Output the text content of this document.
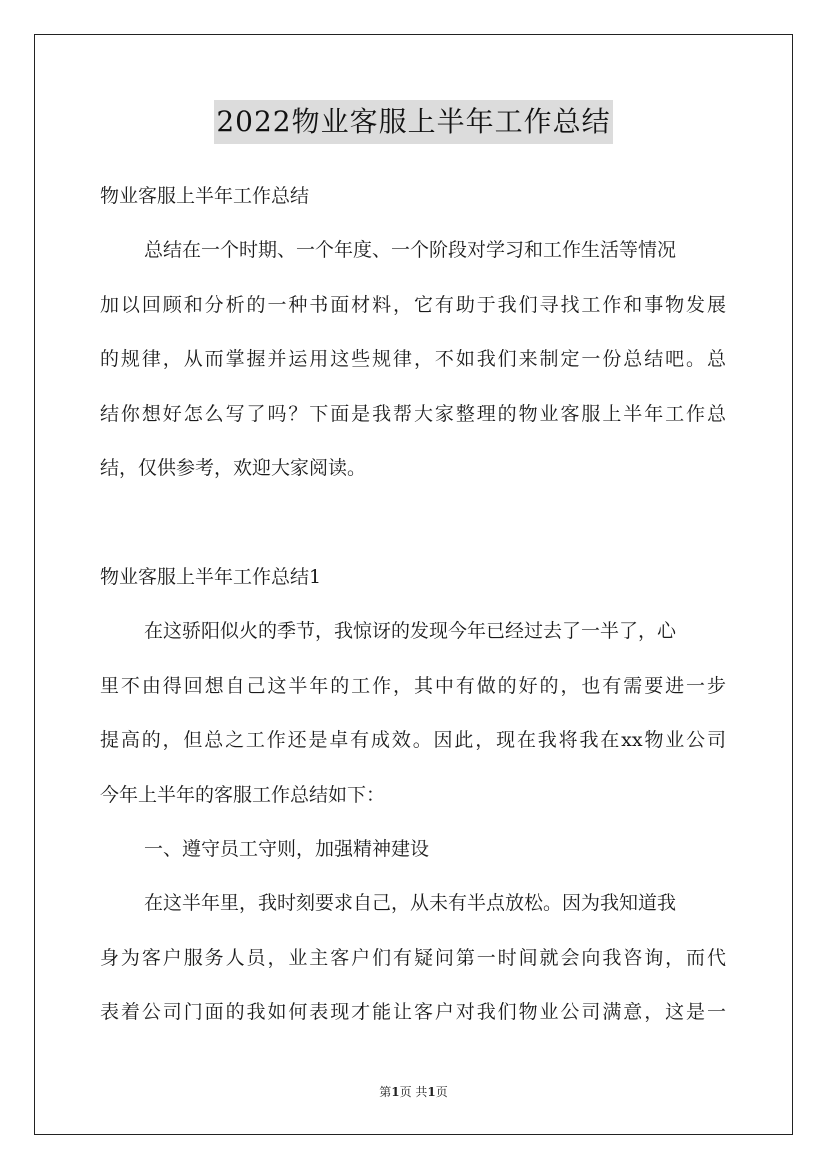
2022物业客服上半年工作总结
物业客服上半年工作总结
总结在一个时期、一个年度、一个阶段对学习和工作生活等情况
加以回顾和分析的一种书面材料，它有助于我们寻找工作和事物发展
的规律，从而掌握并运用这些规律，不如我们来制定一份总结吧。总
结你想好怎么写了吗？下面是我帮大家整理的物业客服上半年工作总
结，仅供参考，欢迎大家阅读。
物业客服上半年工作总结1
在这骄阳似火的季节，我惊讶的发现今年已经过去了一半了，心
里不由得回想自己这半年的工作，其中有做的好的，也有需要进一步
提高的，但总之工作还是卓有成效。因此，现在我将我在xx物业公司
今年上半年的客服工作总结如下：
一、遵守员工守则，加强精神建设
在这半年里，我时刻要求自己，从未有半点放松。因为我知道我
身为客户服务人员，业主客户们有疑问第一时间就会向我咨询，而代
表着公司门面的我如何表现才能让客户对我们物业公司满意，这是一
第1页 共1页
